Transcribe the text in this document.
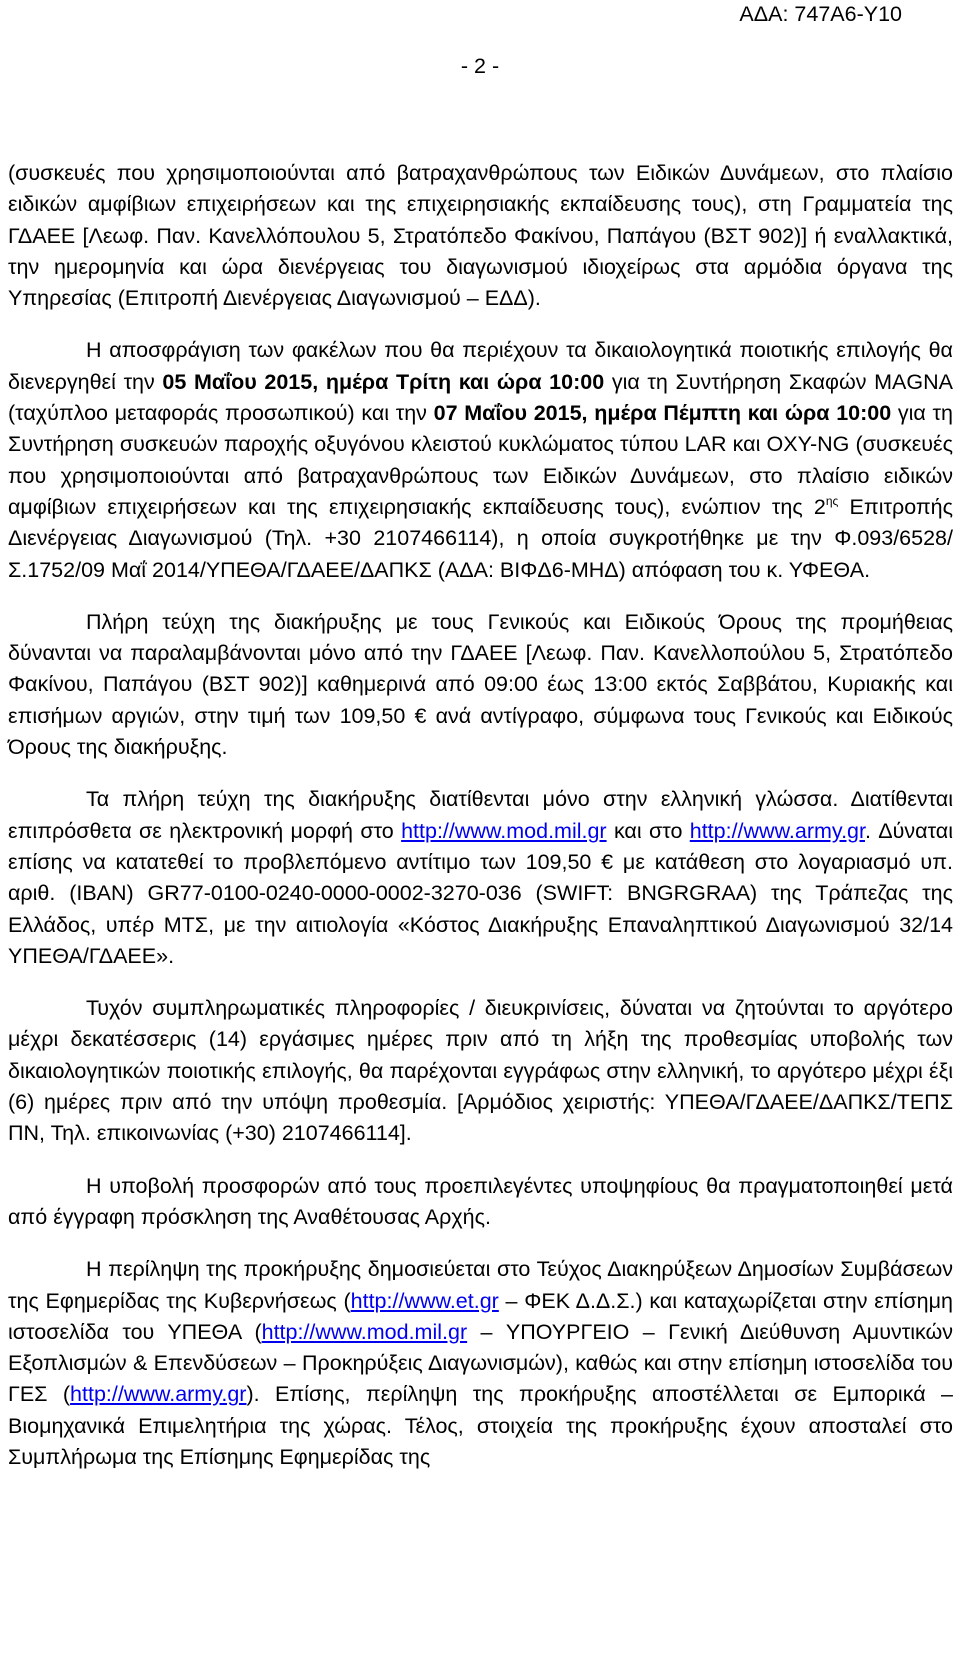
ΑΔΑ: 747Α6-Υ10
- 2 -

(συσκευές που χρησιμοποιούνται από βατραχανθρώπους των Ειδικών Δυνάμεων, στο πλαίσιο ειδικών αμφίβιων επιχειρήσεων και της επιχειρησιακής εκπαίδευσης τους), στη Γραμματεία της ΓΔΑΕΕ [Λεωφ. Παν. Κανελλόπουλου 5, Στρατόπεδο Φακίνου, Παπάγου (ΒΣΤ 902)] ή εναλλακτικά, την ημερομηνία και ώρα διενέργειας του διαγωνισμού ιδιοχείρως στα αρμόδια όργανα της Υπηρεσίας (Επιτροπή Διενέργειας Διαγωνισμού – ΕΔΔ).

Η αποσφράγιση των φακέλων που θα περιέχουν τα δικαιολογητικά ποιοτικής επιλογής θα διενεργηθεί την 05 Μαΐου 2015, ημέρα Τρίτη και ώρα 10:00 για τη Συντήρηση Σκαφών MAGNA (ταχύπλοο μεταφοράς προσωπικού) και την 07 Μαΐου 2015, ημέρα Πέμπτη και ώρα 10:00 για τη Συντήρηση συσκευών παροχής οξυγόνου κλειστού κυκλώματος τύπου LAR και OXY-NG (συσκευές που χρησιμοποιούνται από βατραχανθρώπους των Ειδικών Δυνάμεων, στο πλαίσιο ειδικών αμφίβιων επιχειρήσεων και της επιχειρησιακής εκπαίδευσης τους), ενώπιον της $2^{\eta\varsigma}$ Επιτροπής Διενέργειας Διαγωνισμού (Τηλ. +30 2107466114), η οποία συγκροτήθηκε με την Φ.093/6528/Σ.1752/09 Μαΐ 2014/ΥΠΕΘΑ/ΓΔΑΕΕ/ΔΑΠΚΣ (ΑΔΑ: ΒΙΦΔ6-ΜΗΔ) απόφαση του κ. ΥΦΕΘΑ.

Πλήρη τεύχη της διακήρυξης με τους Γενικούς και Ειδικούς Όρους της προμήθειας δύνανται να παραλαμβάνονται μόνο από την ΓΔΑΕΕ [Λεωφ. Παν. Κανελλοπούλου 5, Στρατόπεδο Φακίνου, Παπάγου (ΒΣΤ 902)] καθημερινά από 09:00 έως 13:00 εκτός Σαββάτου, Κυριακής και επισήμων αργιών, στην τιμή των 109,50 € ανά αντίγραφο, σύμφωνα τους Γενικούς και Ειδικούς Όρους της διακήρυξης.

Τα πλήρη τεύχη της διακήρυξης διατίθενται μόνο στην ελληνική γλώσσα. Διατίθενται επιπρόσθετα σε ηλεκτρονική μορφή στο http://www.mod.mil.gr και στο http://www.army.gr. Δύναται επίσης να κατατεθεί το προβλεπόμενο αντίτιμο των 109,50 € με κατάθεση στο λογαριασμό υπ. αριθ. (IBAN) GR77-0100-0240-0000-0002-3270-036 (SWIFT: BNGRGRAA) της Τράπεζας της Ελλάδος, υπέρ ΜΤΣ, με την αιτιολογία «Κόστος Διακήρυξης Επαναληπτικού Διαγωνισμού 32/14 ΥΠΕΘΑ/ΓΔΑΕΕ».

Τυχόν συμπληρωματικές πληροφορίες / διευκρινίσεις, δύναται να ζητούνται το αργότερο μέχρι δεκατέσσερις (14) εργάσιμες ημέρες πριν από τη λήξη της προθεσμίας υποβολής των δικαιολογητικών ποιοτικής επιλογής, θα παρέχονται εγγράφως στην ελληνική, το αργότερο μέχρι έξι (6) ημέρες πριν από την υπόψη προθεσμία. [Αρμόδιος χειριστής: ΥΠΕΘΑ/ΓΔΑΕΕ/ΔΑΠΚΣ/ΤΕΠΣ ΠΝ, Τηλ. επικοινωνίας (+30) 2107466114].

Η υποβολή προσφορών από τους προεπιλεγέντες υποψηφίους θα πραγματοποιηθεί μετά από έγγραφη πρόσκληση της Αναθέτουσας Αρχής.

Η περίληψη της προκήρυξης δημοσιεύεται στο Τεύχος Διακηρύξεων Δημοσίων Συμβάσεων της Εφημερίδας της Κυβερνήσεως (http://www.et.gr – ΦΕΚ Δ.Δ.Σ.) και καταχωρίζεται στην επίσημη ιστοσελίδα του ΥΠΕΘΑ (http://www.mod.mil.gr – ΥΠΟΥΡΓΕΙΟ – Γενική Διεύθυνση Αμυντικών Εξοπλισμών & Επενδύσεων – Προκηρύξεις Διαγωνισμών), καθώς και στην επίσημη ιστοσελίδα του ΓΕΣ (http://www.army.gr). Επίσης, περίληψη της προκήρυξης αποστέλλεται σε Εμπορικά – Βιομηχανικά Επιμελητήρια της χώρας. Τέλος, στοιχεία της προκήρυξης έχουν αποσταλεί στο Συμπλήρωμα της Επίσημης Εφημερίδας της
